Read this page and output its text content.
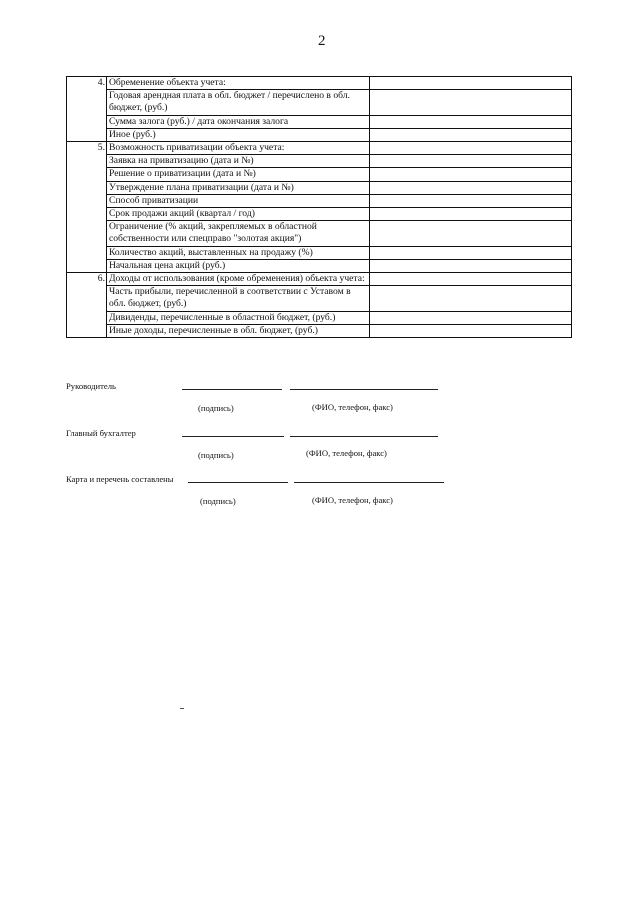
2
4.	Обременение объекта учета:	
	Годовая арендная плата в обл. бюджет / перечислено в обл. бюджет, (руб.)	
	Сумма залога (руб.) / дата окончания залога	
	Иное (руб.)	
5.	Возможность приватизации объекта учета:	
	Заявка на приватизацию (дата и №)	
	Решение о приватизации (дата и №)	
	Утверждение плана приватизации (дата и №)	
	Способ приватизации	
	Срок продажи акций (квартал / год)	
	Ограничение (% акций, закрепляемых в областной собственности или спецправо "золотая акция")	
	Количество акций, выставленных на продажу (%)	
	Начальная цена акций (руб.)	
6.	Доходы от использования (кроме обременения) объекта учета:	
	Часть прибыли, перечисленной в соответствии с Уставом в обл. бюджет, (руб.)	
	Дивиденды, перечисленные в областной бюджет, (руб.)	
	Иные доходы, перечисленные в обл. бюджет, (руб.)	
Руководитель
(подпись)	(ФИО, телефон, факс)
Главный бухгалтер
(подпись)	(ФИО, телефон, факс)
Карта и перечень составлены
(подпись)	(ФИО, телефон, факс)
